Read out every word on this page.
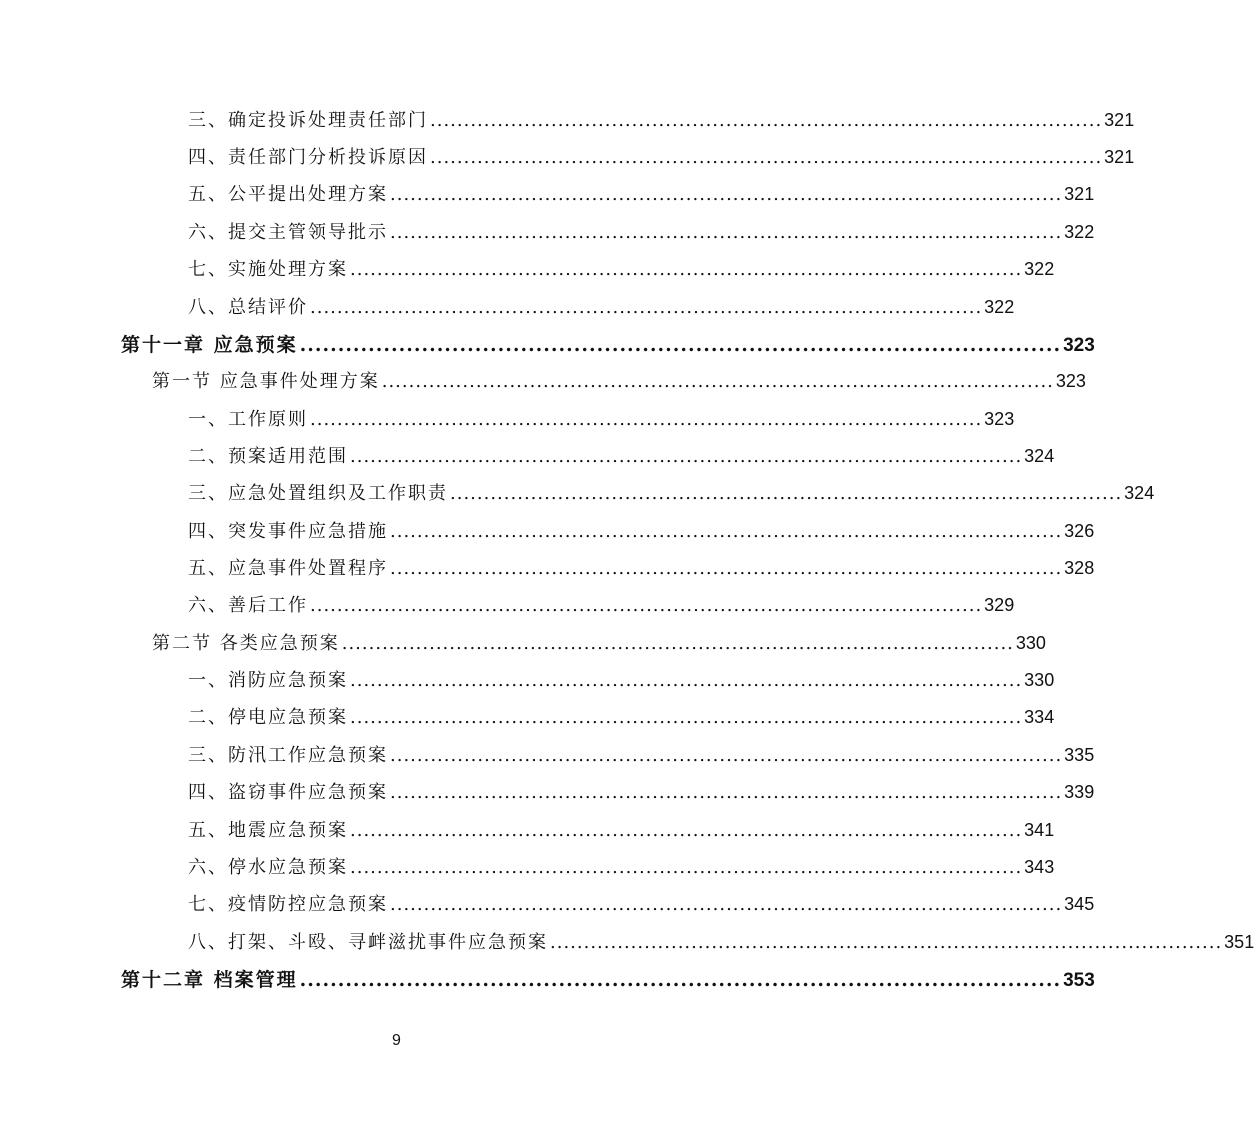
三、确定投诉处理责任部门 .................................................................................................... 321
四、责任部门分析投诉原因 .................................................................................................... 321
五、公平提出处理方案 .................................................................................................... 321
六、提交主管领导批示 .................................................................................................... 322
七、实施处理方案 .................................................................................................... 322
八、总结评价 .................................................................................................... 322
第十一章 应急预案 .................................................................................................... 323
第一节 应急事件处理方案 .................................................................................................... 323
一、工作原则 .................................................................................................... 323
二、预案适用范围 .................................................................................................... 324
三、应急处置组织及工作职责 .................................................................................................... 324
四、突发事件应急措施 .................................................................................................... 326
五、应急事件处置程序 .................................................................................................... 328
六、善后工作 .................................................................................................... 329
第二节 各类应急预案 .................................................................................................... 330
一、消防应急预案 .................................................................................................... 330
二、停电应急预案 .................................................................................................... 334
三、防汛工作应急预案 .................................................................................................... 335
四、盗窃事件应急预案 .................................................................................................... 339
五、地震应急预案 .................................................................................................... 341
六、停水应急预案 .................................................................................................... 343
七、疫情防控应急预案 .................................................................................................... 345
八、打架、斗殴、寻衅滋扰事件应急预案 .................................................................................................... 351
第十二章 档案管理 .................................................................................................... 353
9
